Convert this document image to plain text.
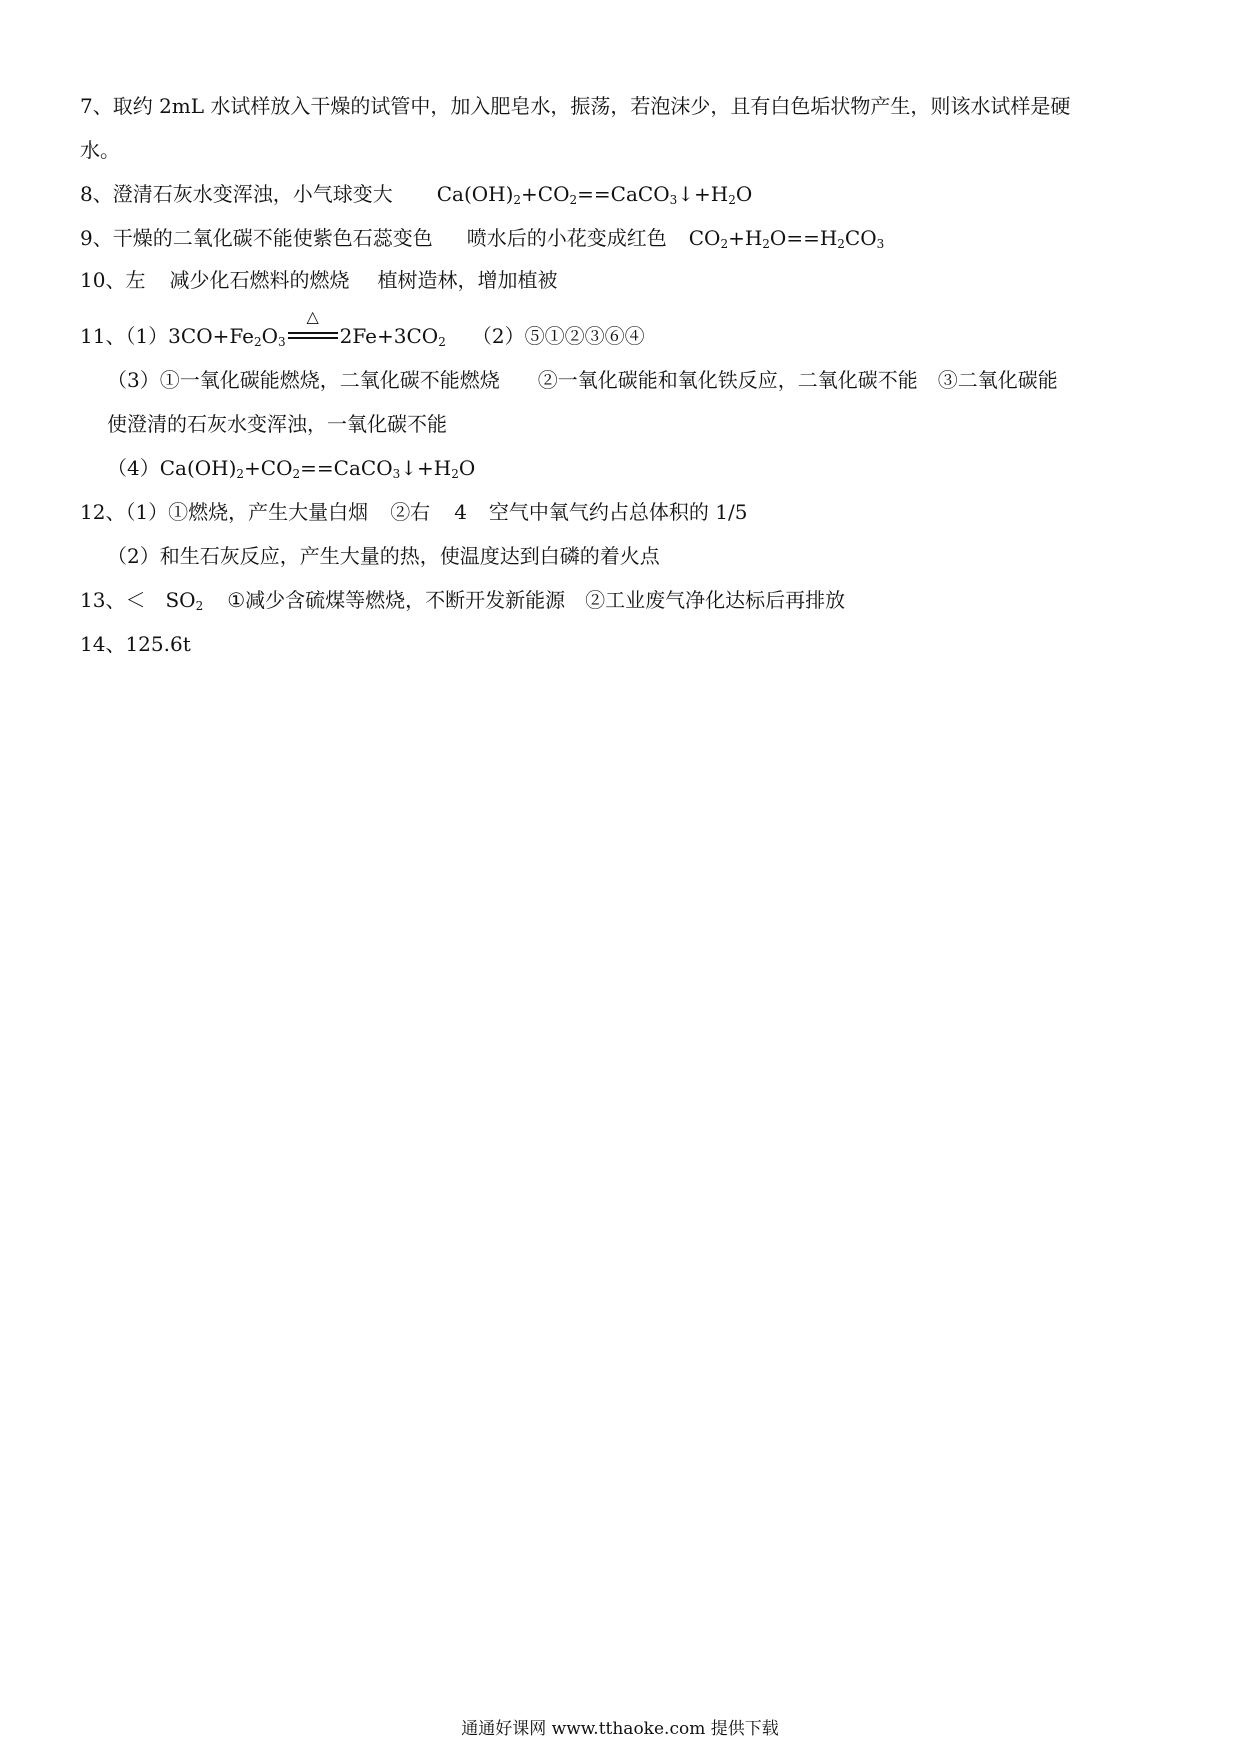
7、取约 2mL 水试样放入干燥的试管中，加入肥皂水，振荡，若泡沫少，且有白色垢状物产生，则该水试样是硬
水。
8、澄清石灰水变浑浊，小气球变大 $Ca(OH)_2+CO_2==CaCO_3↓+H_2O$
9、干燥的二氧化碳不能使紫色石蕊变色 喷水后的小花变成红色 $CO_2+H_2O==H_2CO_3$
10、左 减少化石燃料的燃烧 植树造林，增加植被
11、$(1)3CO+Fe_2O_3$
△
$2Fe+3CO_2$ （2）⑤①②③⑥④
（3）①一氧化碳能燃烧，二氧化碳不能燃烧 ②一氧化碳能和氧化铁反应，二氧化碳不能 ③二氧化碳能
使澄清的石灰水变浑浊，一氧化碳不能
$(4)Ca(OH)_2+CO_2==CaCO_3↓+H_2O$
12、（1）①燃烧，产生大量白烟 ②右 4 空气中氧气约占总体积的 1/5
（2）和生石灰反应，产生大量的热，使温度达到白磷的着火点
13、＜ $SO_2$ ①减少含硫煤等燃烧，不断开发新能源 ②工业废气净化达标后再排放
14、125.6t
通通好课网 www.tthaoke.com 提供下载
